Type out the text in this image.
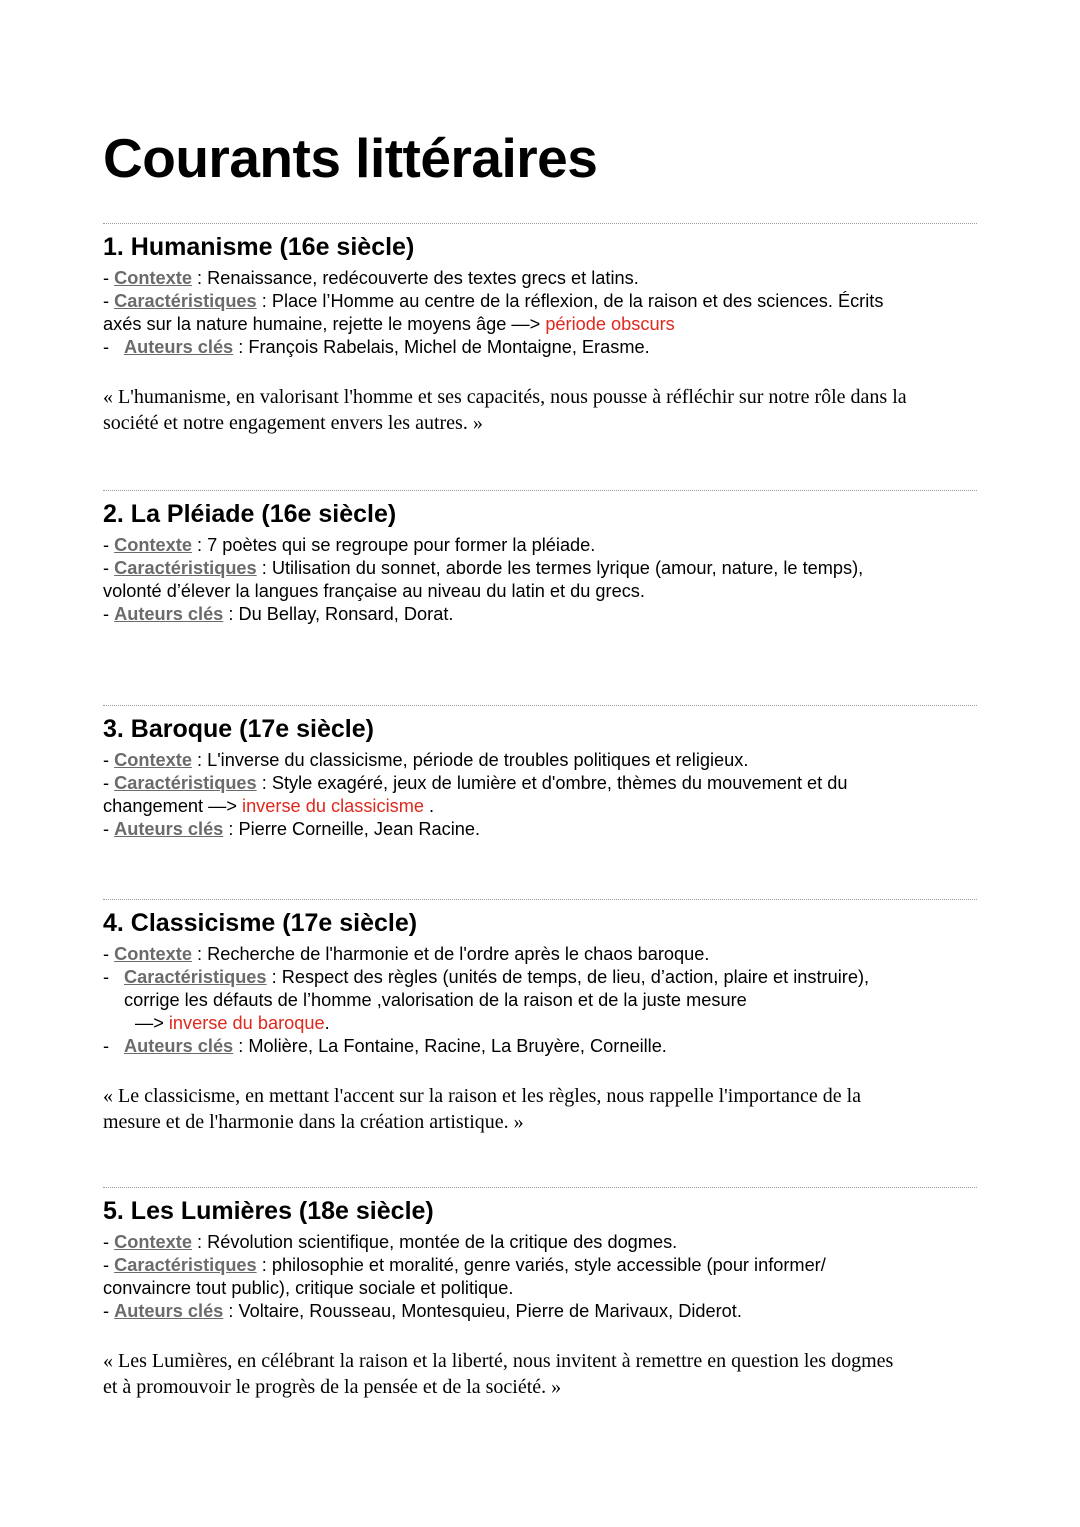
Courants littéraires
1. Humanisme (16e siècle)
- Contexte : Renaissance, redécouverte des textes grecs et latins.
- Caractéristiques : Place l’Homme au centre de la réflexion, de la raison et des sciences. Écrits
axés sur la nature humaine, rejette le moyens âge —> période obscurs
- Auteurs clés : François Rabelais, Michel de Montaigne, Erasme.
« L'humanisme, en valorisant l'homme et ses capacités, nous pousse à réfléchir sur notre rôle dans la
société et notre engagement envers les autres. »
2. La Pléiade (16e siècle)
- Contexte : 7 poètes qui se regroupe pour former la pléiade.
- Caractéristiques : Utilisation du sonnet, aborde les termes lyrique (amour, nature, le temps),
volonté d’élever la langues française au niveau du latin et du grecs.
- Auteurs clés : Du Bellay, Ronsard, Dorat.
3. Baroque (17e siècle)
- Contexte : L'inverse du classicisme, période de troubles politiques et religieux.
- Caractéristiques : Style exagéré, jeux de lumière et d'ombre, thèmes du mouvement et du
changement —> inverse du classicisme .
- Auteurs clés : Pierre Corneille, Jean Racine.
4. Classicisme (17e siècle)
- Contexte : Recherche de l'harmonie et de l'ordre après le chaos baroque.
- Caractéristiques : Respect des règles (unités de temps, de lieu, d’action, plaire et instruire),
corrige les défauts de l’homme ,valorisation de la raison et de la juste mesure
—> inverse du baroque.
- Auteurs clés : Molière, La Fontaine, Racine, La Bruyère, Corneille.
« Le classicisme, en mettant l'accent sur la raison et les règles, nous rappelle l'importance de la
mesure et de l'harmonie dans la création artistique. »
5. Les Lumières (18e siècle)
- Contexte : Révolution scientifique, montée de la critique des dogmes.
- Caractéristiques : philosophie et moralité, genre variés, style accessible (pour informer/
convaincre tout public), critique sociale et politique.
- Auteurs clés : Voltaire, Rousseau, Montesquieu, Pierre de Marivaux, Diderot.
« Les Lumières, en célébrant la raison et la liberté, nous invitent à remettre en question les dogmes
et à promouvoir le progrès de la pensée et de la société. »
